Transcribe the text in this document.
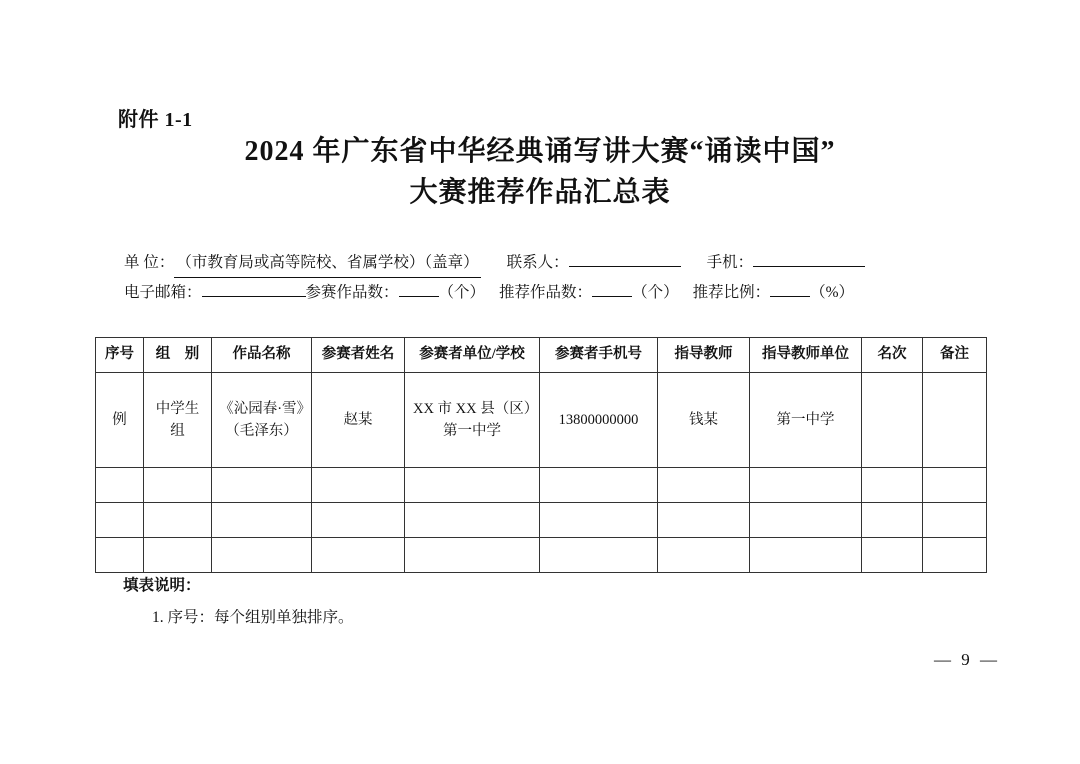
附件 1-1
2024 年广东省中华经典诵写讲大赛“诵读中国”
大赛推荐作品汇总表
单 位： （市教育局或高等院校、省属学校）（盖章） 联系人：	手机：
电子邮箱：	参赛作品数：	（个） 推荐作品数：	（个） 推荐比例：	（%）
序号	组　别	作品名称	参赛者姓名	参赛者单位/学校	参赛者手机号	指导教师	指导教师单位	名次	备注

例	中学生组	《沁园春·雪》（毛泽东）	赵某	XX 市 XX 县（区）第一中学	13800000000	钱某	第一中学		

填表说明：
1. 序号：每个组别单独排序。
— 9 —
